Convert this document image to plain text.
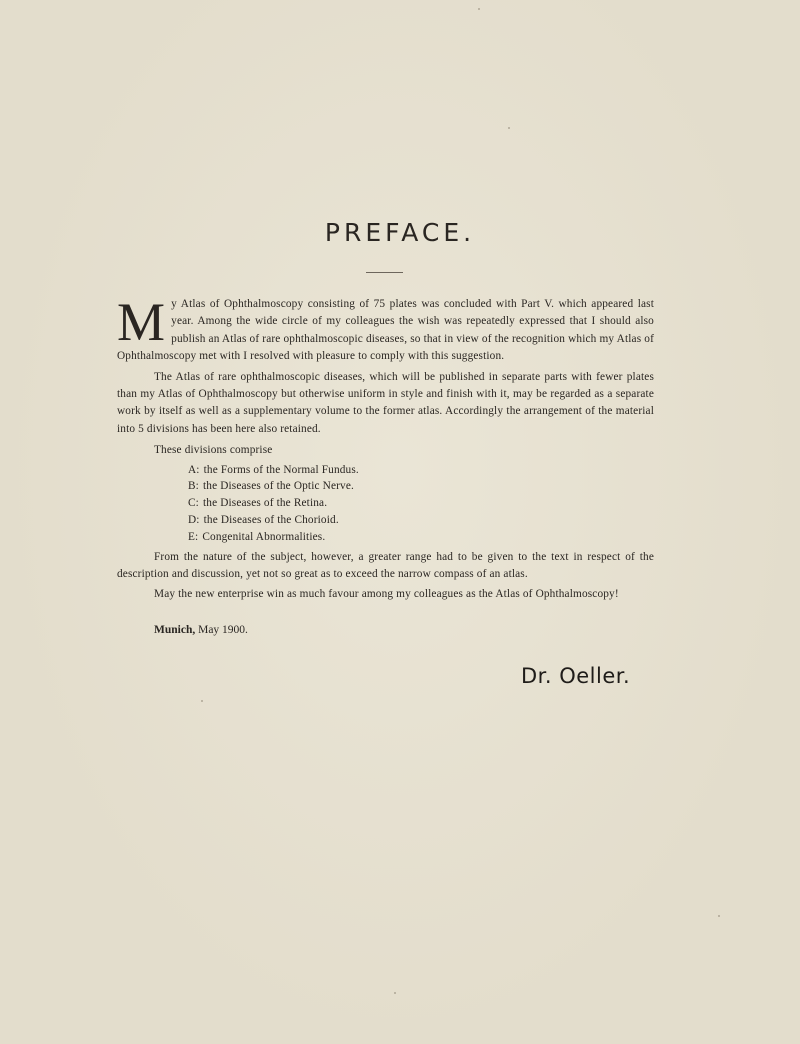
PREFACE.

My Atlas of Ophthalmoscopy consisting of 75 plates was concluded with Part V. which appeared last year. Among the wide circle of my colleagues the wish was repeatedly expressed that I should also publish an Atlas of rare ophthalmoscopic diseases, so that in view of the recognition which my Atlas of Ophthalmoscopy met with I resolved with pleasure to comply with this suggestion.

The Atlas of rare ophthalmoscopic diseases, which will be published in separate parts with fewer plates than my Atlas of Ophthalmoscopy but otherwise uniform in style and finish with it, may be regarded as a separate work by itself as well as a supplementary volume to the former atlas. Accordingly the arrangement of the material into 5 divisions has been here also retained.

These divisions comprise

A: the Forms of the Normal Fundus.
B: the Diseases of the Optic Nerve.
C: the Diseases of the Retina.
D: the Diseases of the Chorioid.
E: Congenital Abnormalities.

From the nature of the subject, however, a greater range had to be given to the text in respect of the description and discussion, yet not so great as to exceed the narrow compass of an atlas.

May the new enterprise win as much favour among my colleagues as the Atlas of Ophthalmoscopy!

Munich, May 1900.
Dr. Oeller.
